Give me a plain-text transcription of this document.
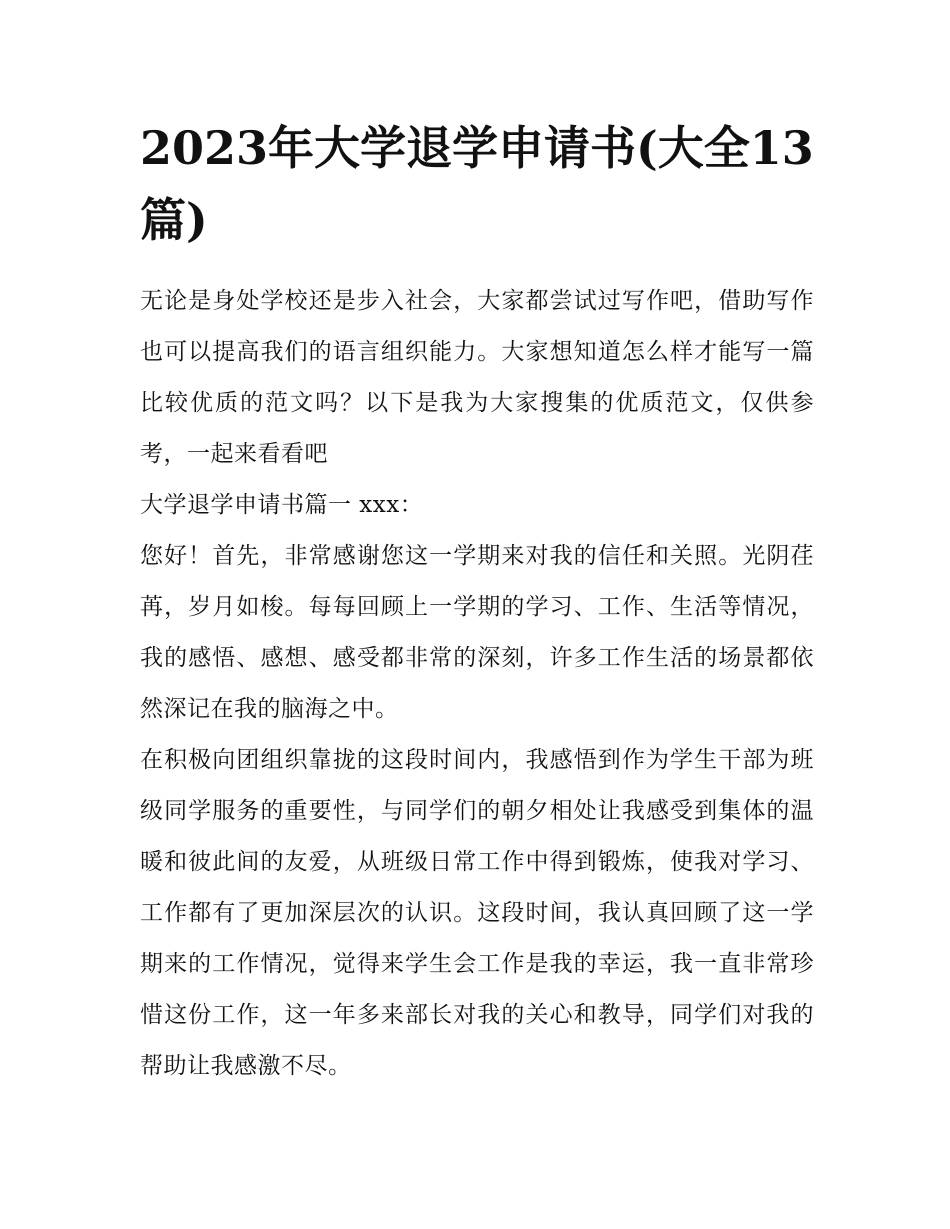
2023年大学退学申请书(大全13篇)

无论是身处学校还是步入社会，大家都尝试过写作吧，借助写作也可以提高我们的语言组织能力。大家想知道怎么样才能写一篇比较优质的范文吗？以下是我为大家搜集的优质范文，仅供参考，一起来看看吧

大学退学申请书篇一 xxx：

您好！首先，非常感谢您这一学期来对我的信任和关照。光阴荏苒，岁月如梭。每每回顾上一学期的学习、工作、生活等情况，我的感悟、感想、感受都非常的深刻，许多工作生活的场景都依然深记在我的脑海之中。

在积极向团组织靠拢的这段时间内，我感悟到作为学生干部为班级同学服务的重要性，与同学们的朝夕相处让我感受到集体的温暖和彼此间的友爱，从班级日常工作中得到锻炼，使我对学习、工作都有了更加深层次的认识。这段时间，我认真回顾了这一学期来的工作情况，觉得来学生会工作是我的幸运，我一直非常珍惜这份工作，这一年多来部长对我的关心和教导，同学们对我的帮助让我感激不尽。
